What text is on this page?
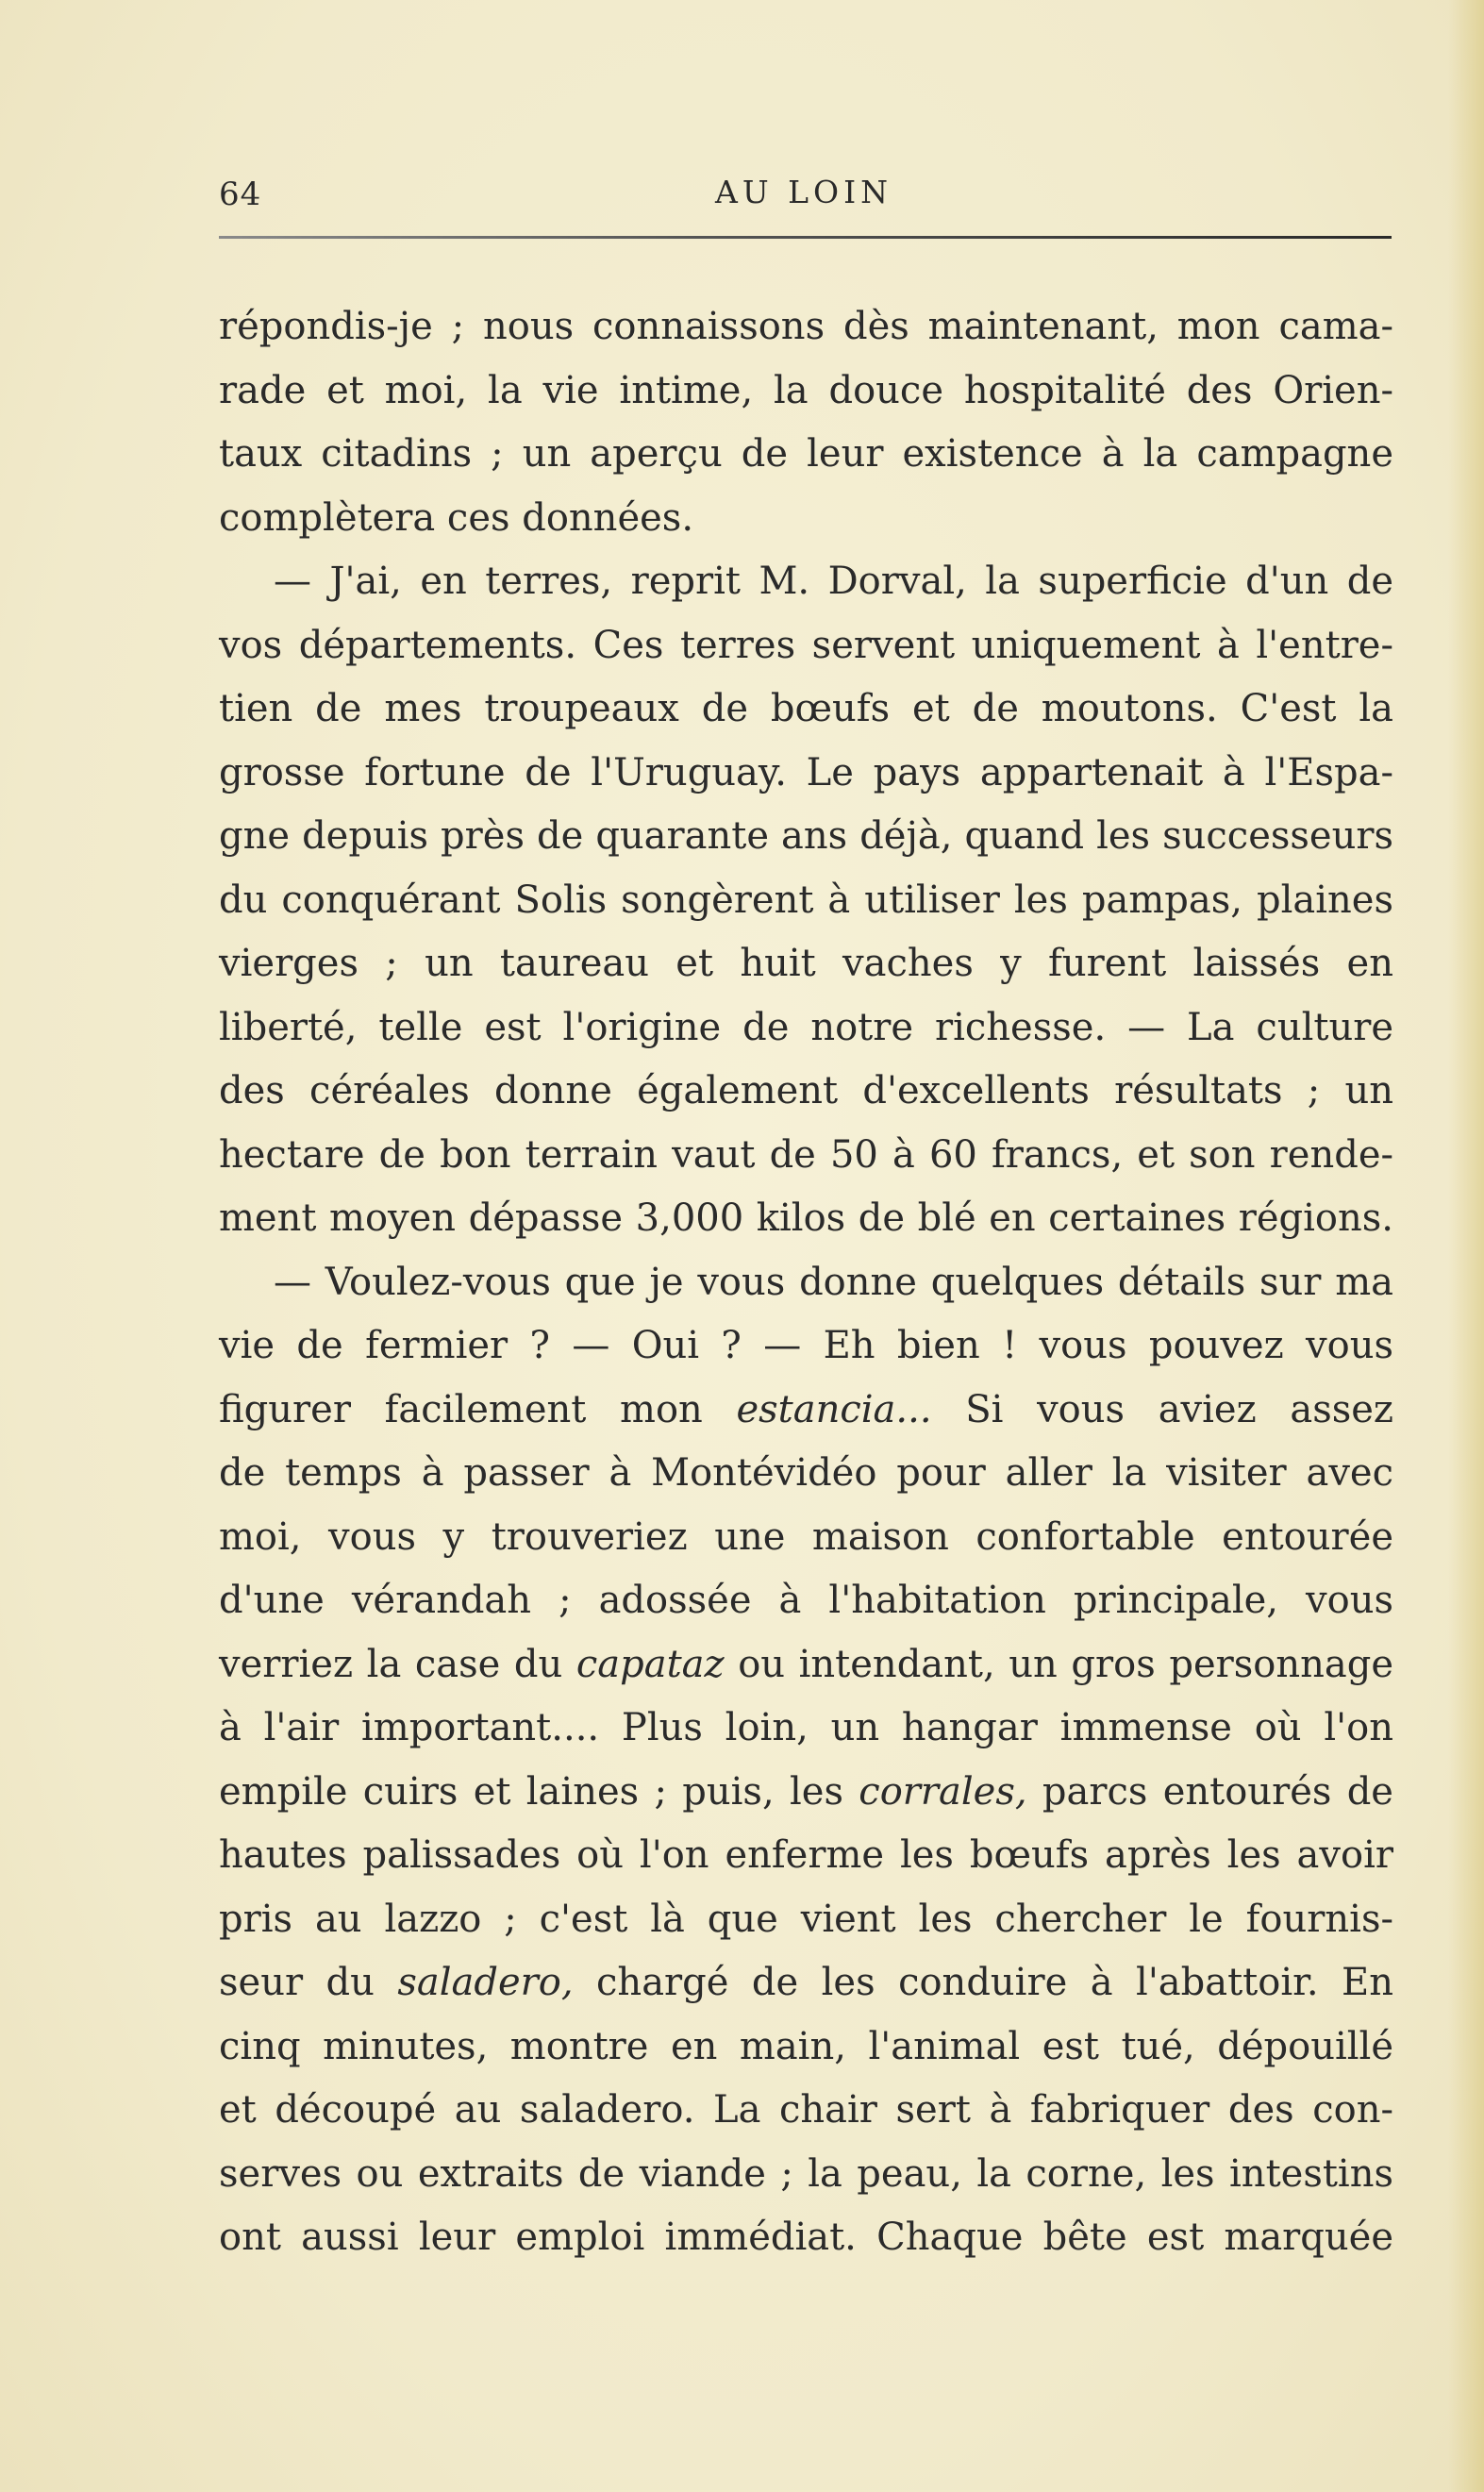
64	AU LOIN
répondis-je ; nous connaissons dès maintenant, mon cama-
rade et moi, la vie intime, la douce hospitalité des Orien-
taux citadins ; un aperçu de leur existence à la campagne
complètera ces données.
— J'ai, en terres, reprit M. Dorval, la superficie d'un de
vos départements. Ces terres servent uniquement à l'entre-
tien de mes troupeaux de bœufs et de moutons. C'est la
grosse fortune de l'Uruguay. Le pays appartenait à l'Espa-
gne depuis près de quarante ans déjà, quand les successeurs
du conquérant Solis songèrent à utiliser les pampas, plaines
vierges ; un taureau et huit vaches y furent laissés en
liberté, telle est l'origine de notre richesse. — La culture
des céréales donne également d'excellents résultats ; un
hectare de bon terrain vaut de 50 à 60 francs, et son rende-
ment moyen dépasse 3,000 kilos de blé en certaines régions.
— Voulez-vous que je vous donne quelques détails sur ma
vie de fermier ? — Oui ? — Eh bien ! vous pouvez vous
figurer facilement mon estancia... Si vous aviez assez
de temps à passer à Montévidéo pour aller la visiter avec
moi, vous y trouveriez une maison confortable entourée
d'une vérandah ; adossée à l'habitation principale, vous
verriez la case du capataz ou intendant, un gros personnage
à l'air important.... Plus loin, un hangar immense où l'on
empile cuirs et laines ; puis, les corrales, parcs entourés de
hautes palissades où l'on enferme les bœufs après les avoir
pris au lazzo ; c'est là que vient les chercher le fournis-
seur du saladero, chargé de les conduire à l'abattoir. En
cinq minutes, montre en main, l'animal est tué, dépouillé
et découpé au saladero. La chair sert à fabriquer des con-
serves ou extraits de viande ; la peau, la corne, les intestins
ont aussi leur emploi immédiat. Chaque bête est marquée
